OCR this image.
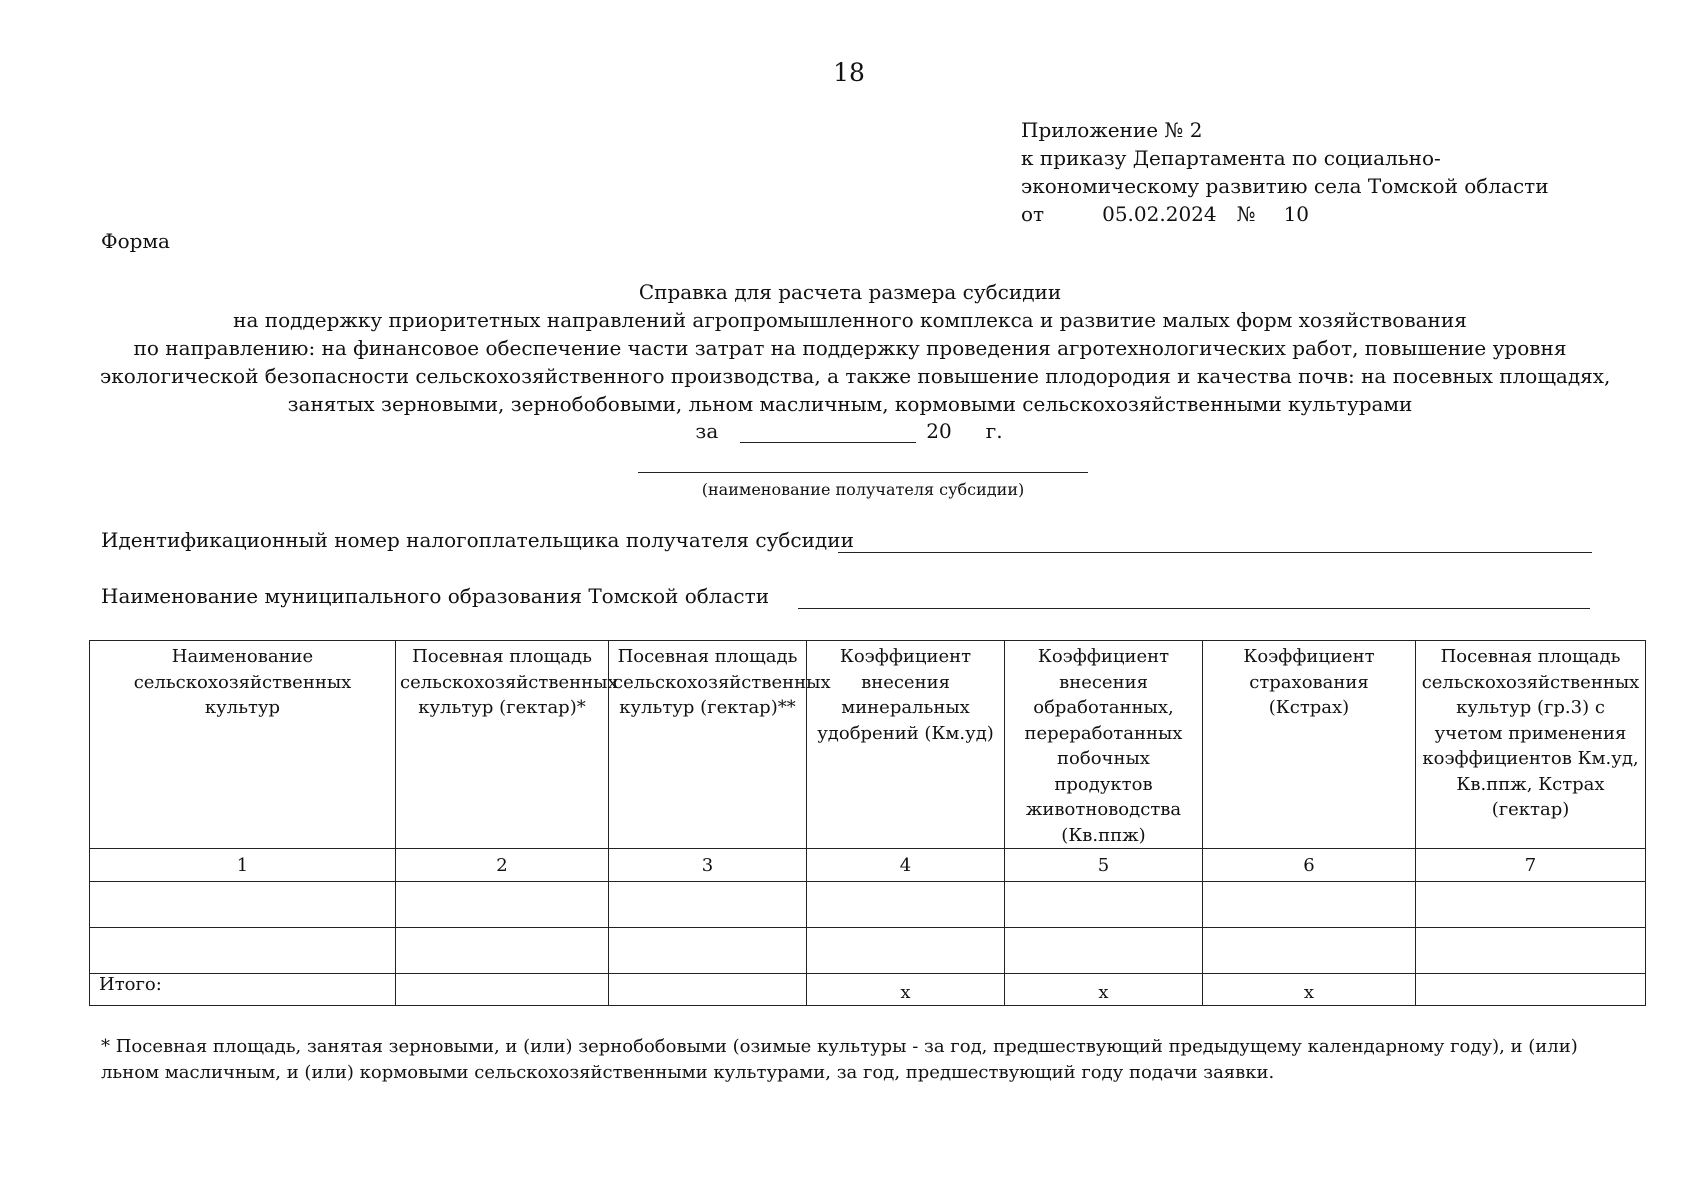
18
Приложение № 2
к приказу Департамента по социально-
экономическому развитию села Томской области
от	05.02.2024 № 10
Форма
Справка для расчета размера субсидии
на поддержку приоритетных направлений агропромышленного комплекса и развитие малых форм хозяйствования
по направлению: на финансовое обеспечение части затрат на поддержку проведения агротехнологических работ, повышение уровня
экологической безопасности сельскохозяйственного производства, а также повышение плодородия и качества почв: на посевных площадях,
занятых зерновыми, зернобобовыми, льном масличным, кормовыми сельскохозяйственными культурами
за	20 г.
(наименование получателя субсидии)
Идентификационный номер налогоплательщика получателя субсидии
Наименование муниципального образования Томской области
Наименование сельскохозяйственных культур	Посевная площадь сельскохозяйственных культур (гектар)*	Посевная площадь сельскохозяйственных культур (гектар)**	Коэффициент внесения минеральных удобрений (Км.уд)	Коэффициент внесения обработанных, переработанных побочных продуктов животноводства (Кв.ппж)	Коэффициент страхования (Кстрах)	Посевная площадь сельскохозяйственных культур (гр.3) с учетом применения коэффициентов Км.уд, Кв.ппж, Кстрах (гектар)
1	2	3	4	5	6	7

Итого:			x	x	x	
* Посевная площадь, занятая зерновыми, и (или) зернобобовыми (озимые культуры - за год, предшествующий предыдущему календарному году), и (или) льном масличным, и (или) кормовыми сельскохозяйственными культурами, за год, предшествующий году подачи заявки.
